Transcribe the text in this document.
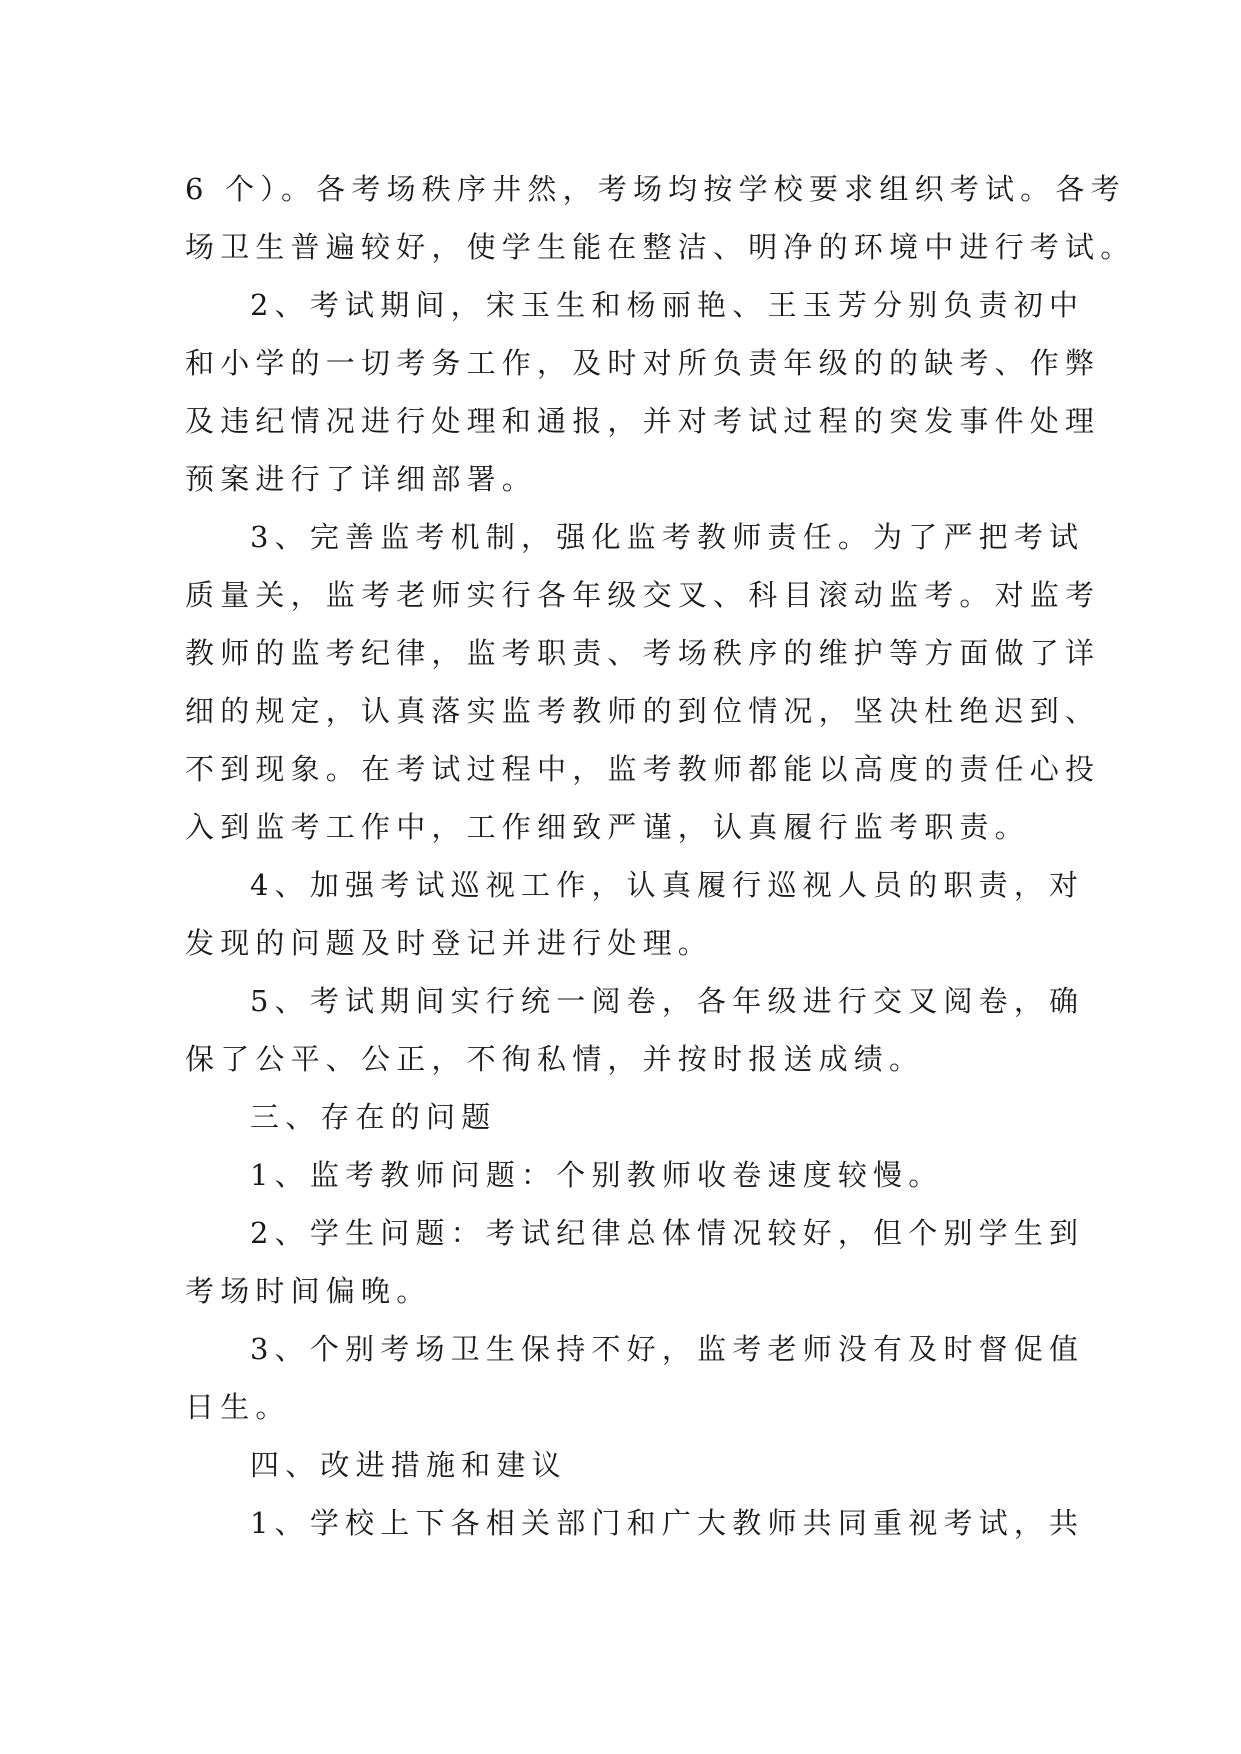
6 个）。各考场秩序井然，考场均按学校要求组织考试。各考
场卫生普遍较好，使学生能在整洁、明净的环境中进行考试。
2、考试期间，宋玉生和杨丽艳、王玉芳分别负责初中
和小学的一切考务工作，及时对所负责年级的的缺考、作弊
及违纪情况进行处理和通报，并对考试过程的突发事件处理
预案进行了详细部署。
3、完善监考机制，强化监考教师责任。为了严把考试
质量关，监考老师实行各年级交叉、科目滚动监考。对监考
教师的监考纪律，监考职责、考场秩序的维护等方面做了详
细的规定，认真落实监考教师的到位情况，坚决杜绝迟到、
不到现象。在考试过程中，监考教师都能以高度的责任心投
入到监考工作中，工作细致严谨，认真履行监考职责。
4、加强考试巡视工作，认真履行巡视人员的职责，对
发现的问题及时登记并进行处理。
5、考试期间实行统一阅卷，各年级进行交叉阅卷，确
保了公平、公正，不徇私情，并按时报送成绩。
三、存在的问题
1、监考教师问题：个别教师收卷速度较慢。
2、学生问题：考试纪律总体情况较好，但个别学生到
考场时间偏晚。
3、个别考场卫生保持不好，监考老师没有及时督促值
日生。
四、改进措施和建议
1、学校上下各相关部门和广大教师共同重视考试，共
